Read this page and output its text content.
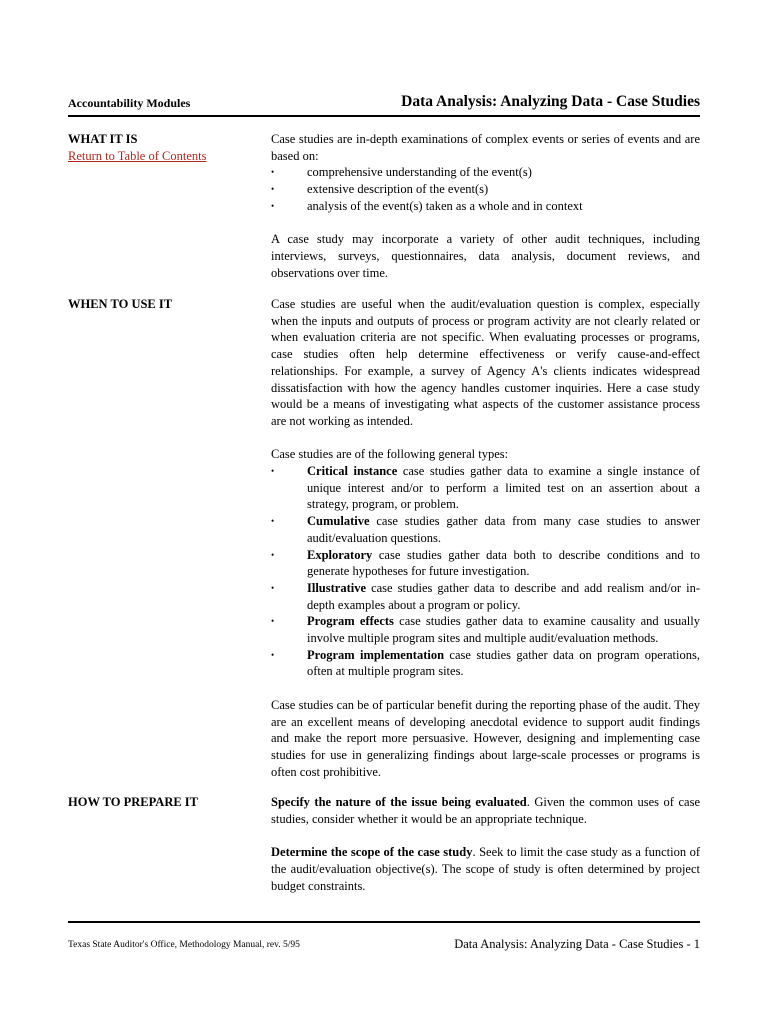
Accountability Modules	Data Analysis: Analyzing Data - Case Studies
WHAT IT IS
Return to Table of Contents

Case studies are in-depth examinations of complex events or series of events and are based on:

•	comprehensive understanding of the event(s)
•	extensive description of the event(s)
•	analysis of the event(s) taken as a whole and in context

A case study may incorporate a variety of other audit techniques, including interviews, surveys, questionnaires, data analysis, document reviews, and observations over time.

WHEN TO USE IT	Case studies are useful when the audit/evaluation question is complex, especially when the inputs and outputs of process or program activity are not clearly related or when evaluation criteria are not specific. When evaluating processes or programs, case studies often help determine effectiveness or verify cause-and-effect relationships. For example, a survey of Agency A's clients indicates widespread dissatisfaction with how the agency handles customer inquiries. Here a case study would be a means of investigating what aspects of the customer assistance process are not working as intended.

Case studies are of the following general types:

•	Critical instance case studies gather data to examine a single instance of unique interest and/or to perform a limited test on an assertion about a strategy, program, or problem.
•	Cumulative case studies gather data from many case studies to answer audit/evaluation questions.
•	Exploratory case studies gather data both to describe conditions and to generate hypotheses for future investigation.
•	Illustrative case studies gather data to describe and add realism and/or in-depth examples about a program or policy.
•	Program effects case studies gather data to examine causality and usually involve multiple program sites and multiple audit/evaluation methods.
•	Program implementation case studies gather data on program operations, often at multiple program sites.

Case studies can be of particular benefit during the reporting phase of the audit. They are an excellent means of developing anecdotal evidence to support audit findings and make the report more persuasive. However, designing and implementing case studies for use in generalizing findings about large-scale processes or programs is often cost prohibitive.

HOW TO PREPARE IT	Specify the nature of the issue being evaluated. Given the common uses of case studies, consider whether it would be an appropriate technique.

Determine the scope of the case study. Seek to limit the case study as a function of the audit/evaluation objective(s). The scope of study is often determined by project budget constraints.

Texas State Auditor's Office, Methodology Manual, rev. 5/95	Data Analysis: Analyzing Data - Case Studies - 1
